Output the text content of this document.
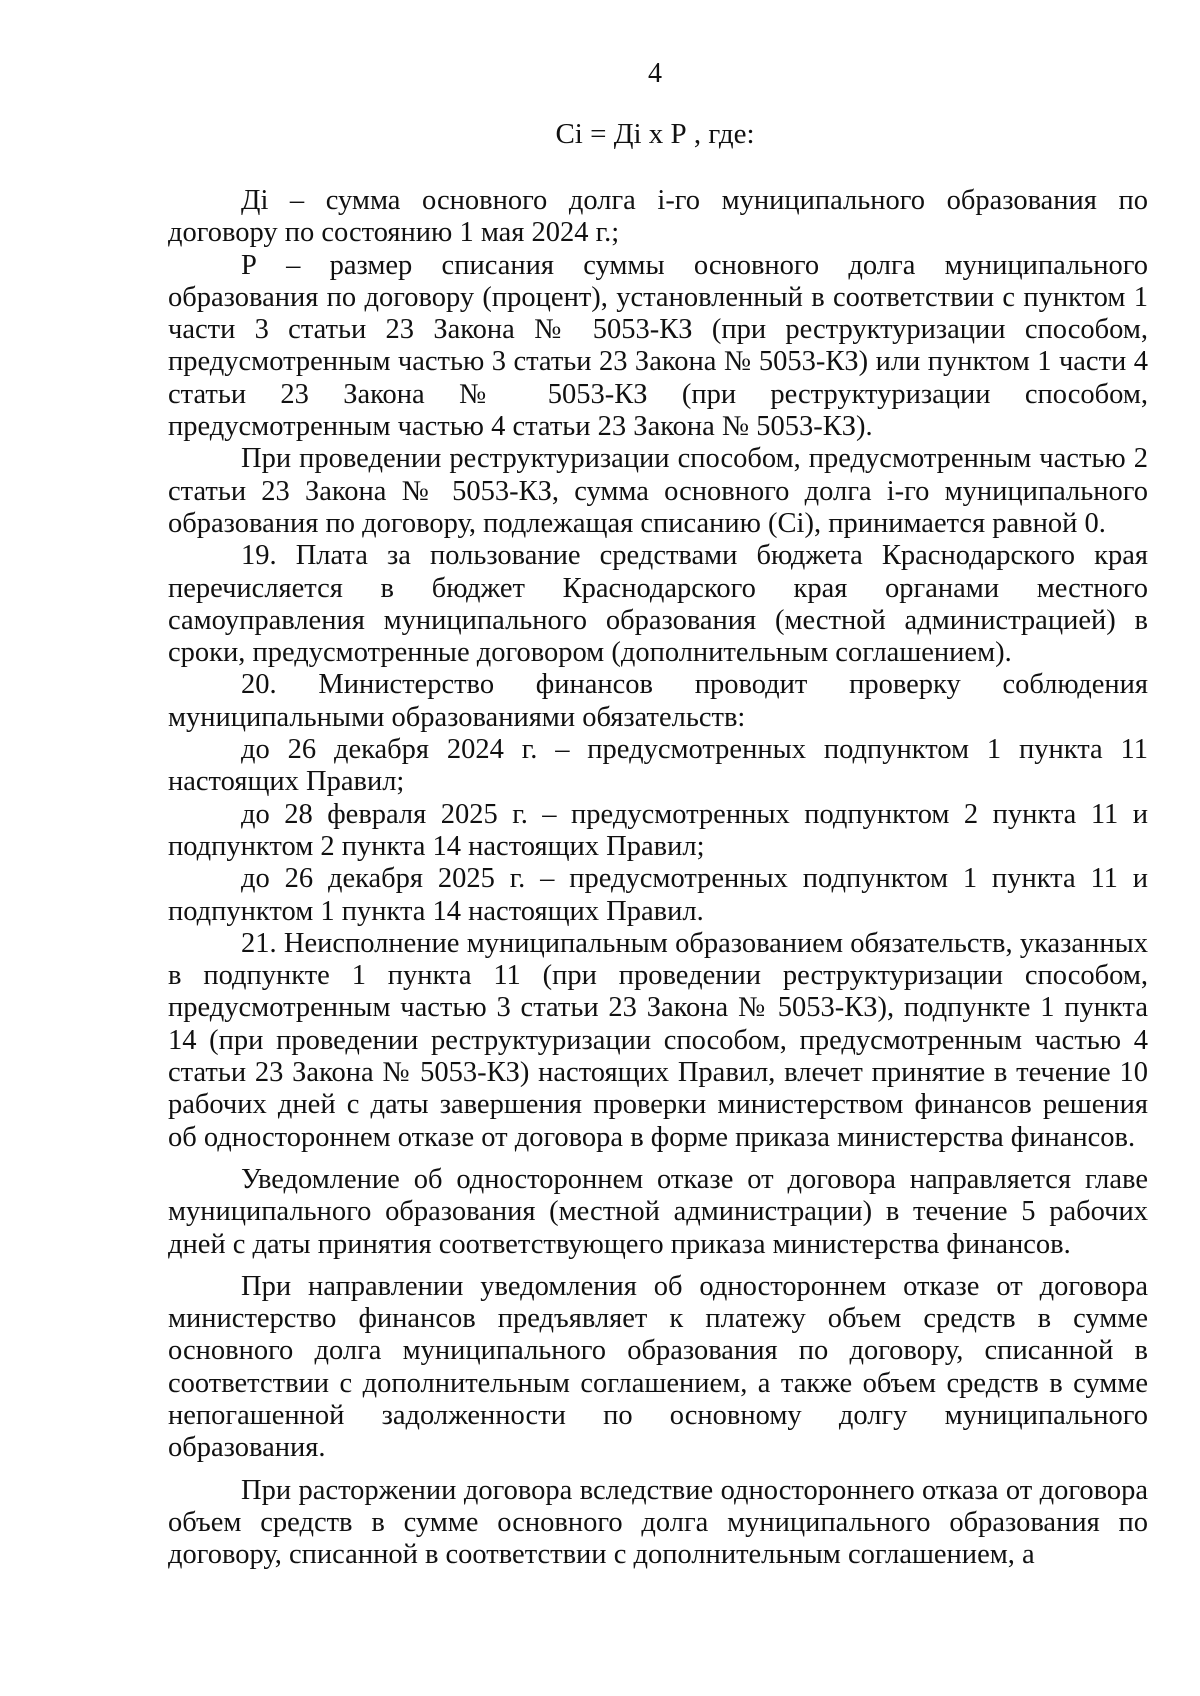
4
Сi = Дi х Р , где:

Дi – сумма основного долга i-го муниципального образования по договору по состоянию 1 мая 2024 г.;

Р – размер списания суммы основного долга муниципального образования по договору (процент), установленный в соответствии с пунктом 1 части 3 статьи 23 Закона № 5053-КЗ (при реструктуризации способом, предусмотренным частью 3 статьи 23 Закона № 5053-КЗ) или пунктом 1 части 4 статьи 23 Закона № 5053-КЗ (при реструктуризации способом, предусмотренным частью 4 статьи 23 Закона № 5053-КЗ).

При проведении реструктуризации способом, предусмотренным частью 2 статьи 23 Закона № 5053-КЗ, сумма основного долга i-го муниципального образования по договору, подлежащая списанию (Сi), принимается равной 0.

19. Плата за пользование средствами бюджета Краснодарского края перечисляется в бюджет Краснодарского края органами местного самоуправления муниципального образования (местной администрацией) в сроки, предусмотренные договором (дополнительным соглашением).

20. Министерство финансов проводит проверку соблюдения муниципальными образованиями обязательств:

до 26 декабря 2024 г. – предусмотренных подпунктом 1 пункта 11 настоящих Правил;

до 28 февраля 2025 г. – предусмотренных подпунктом 2 пункта 11 и подпунктом 2 пункта 14 настоящих Правил;

до 26 декабря 2025 г. – предусмотренных подпунктом 1 пункта 11 и подпунктом 1 пункта 14 настоящих Правил.

21. Неисполнение муниципальным образованием обязательств, указанных в подпункте 1 пункта 11 (при проведении реструктуризации способом, предусмотренным частью 3 статьи 23 Закона № 5053-КЗ), подпункте 1 пункта 14 (при проведении реструктуризации способом, предусмотренным частью 4 статьи 23 Закона № 5053-КЗ) настоящих Правил, влечет принятие в течение 10 рабочих дней с даты завершения проверки министерством финансов решения об одностороннем отказе от договора в форме приказа министерства финансов.

Уведомление об одностороннем отказе от договора направляется главе муниципального образования (местной администрации) в течение 5 рабочих дней с даты принятия соответствующего приказа министерства финансов.

При направлении уведомления об одностороннем отказе от договора министерство финансов предъявляет к платежу объем средств в сумме основного долга муниципального образования по договору, списанной в соответствии с дополнительным соглашением, а также объем средств в сумме непогашенной задолженности по основному долгу муниципального образования.

При расторжении договора вследствие одностороннего отказа от договора объем средств в сумме основного долга муниципального образования по договору, списанной в соответствии с дополнительным соглашением, а
